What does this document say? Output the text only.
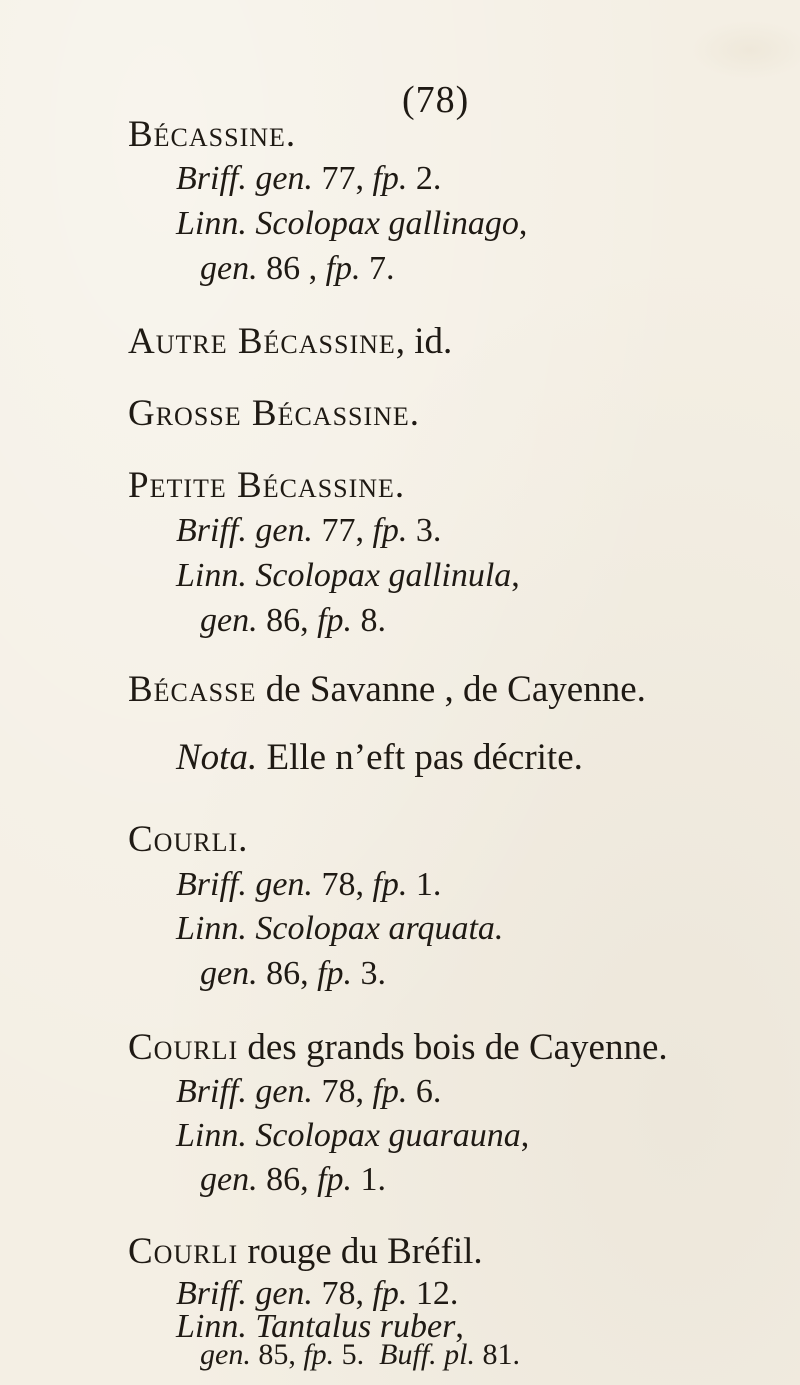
(78)
Bécassine.
Briff. gen. 77, fp. 2.
Linn. Scolopax gallinago,
gen. 86 , fp. 7.
Autre Bécassine, id.
Grosse Bécassine.
Petite Bécassine.
Briff. gen. 77, fp. 3.
Linn. Scolopax gallinula,
gen. 86, fp. 8.
Bécasse de Savanne , de Cayenne.
Nota. Elle n’eft pas décrite.
Courli.
Briff. gen. 78, fp. 1.
Linn. Scolopax arquata.
gen. 86, fp. 3.
Courli des grands bois de Cayenne.
Briff. gen. 78, fp. 6.
Linn. Scolopax guarauna,
gen. 86, fp. 1.
Courli rouge du Bréfil.
Briff. gen. 78, fp. 12.
Linn. Tantalus ruber,
gen. 85, fp. 5. Buff. pl. 81.
